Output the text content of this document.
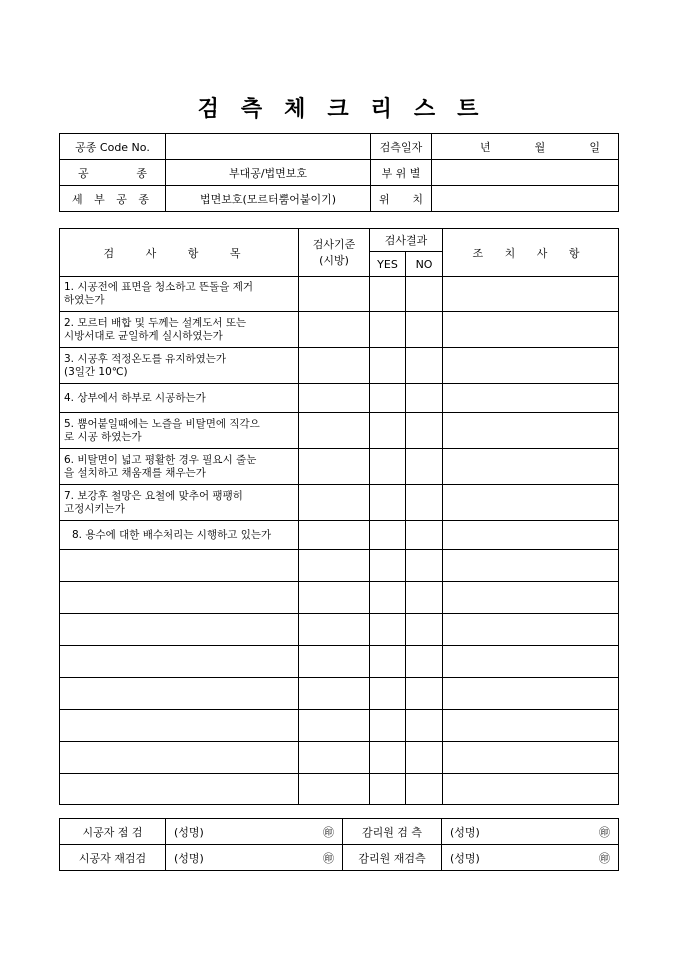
검측체크리스트
공종 Code No.		검측일자	년 월 일

공 종	부대공/법면보호	부 위 별	
세 부 공 종	법면보호(모르터뿜어붙이기)	위 치	

검 사 항 목	검사기준	검사결과		조 치 사 항
	(시방)	YES	NO	

1. 시공전에 표면을 청소하고 뜬돌을 제거
하였는가				

2. 모르터 배합 및 두께는 설계도서 또는
시방서대로 균일하게 실시하였는가				

3. 시공후 적정온도를 유지하였는가
(3일간 10℃)				

4. 상부에서 하부로 시공하는가				

5. 뿜어붙일때에는 노즐을 비탈면에 직각으
로 시공 하였는가				

6. 비탈면이 넓고 평활한 경우 필요시 줄눈
을 설치하고 채움재를 채우는가				

7. 보강후 철망은 요철에 맞추어 팽팽히
고정시키는가				

8. 용수에 대한 배수처리는 시행하고 있는가				

시공자 점 검	(성명) ㊞	감리원 검 측	(성명) ㊞

시공자 재검검	(성명) ㊞	감리원 재검측	(성명) ㊞
